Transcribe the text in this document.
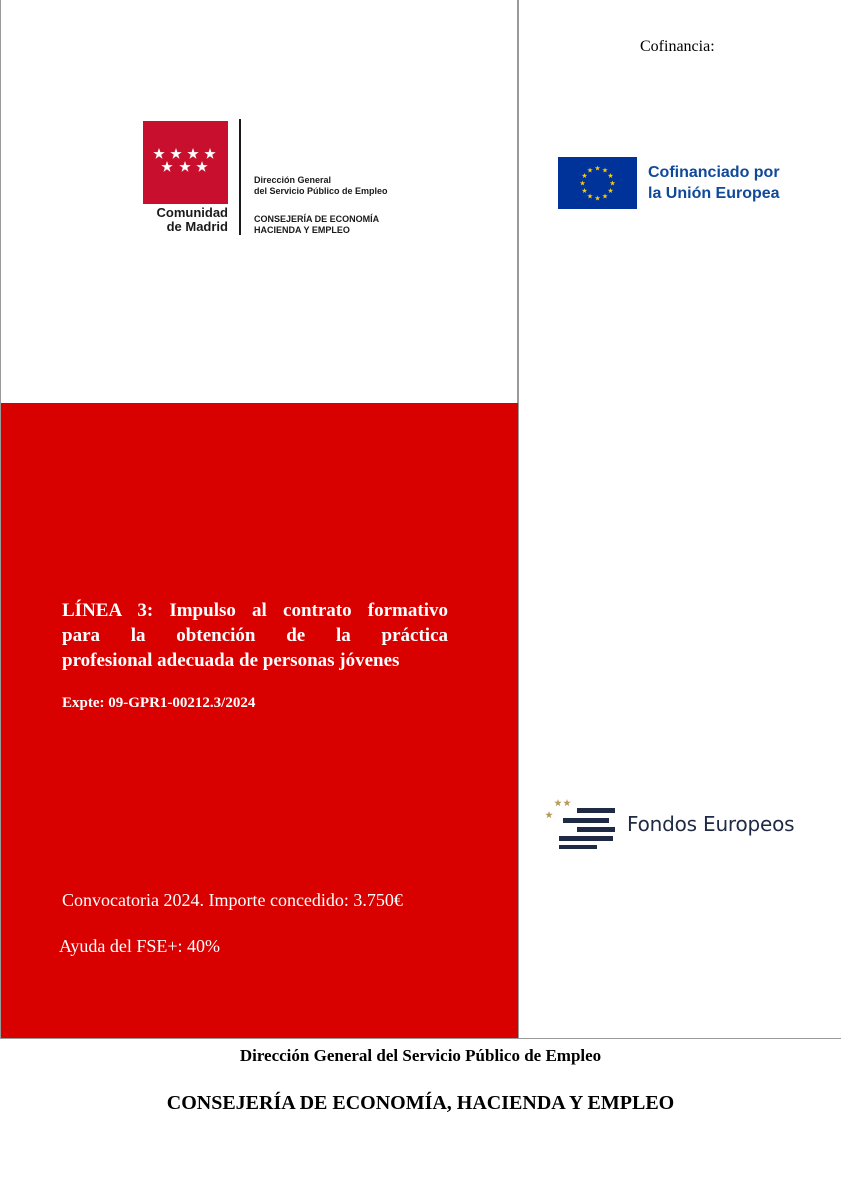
Comunidad
de Madrid
Dirección General
del Servicio Público de Empleo
CONSEJERÍA DE ECONOMÍA
HACIENDA Y EMPLEO
Cofinancia:
★ ★
★
★
★
★
★
★
★
★
★
★	Cofinanciado por
la Unión Europea
Fondos Europeos
LÍNEA 3: Impulso al contrato formativo
para la obtención de la práctica
profesional adecuada de personas jóvenes
Expte: 09-GPR1-00212.3/2024
Convocatoria 2024. Importe concedido: 3.750€
Ayuda del FSE+: 40%
Dirección General del Servicio Público de Empleo
CONSEJERÍA DE ECONOMÍA, HACIENDA Y EMPLEO
